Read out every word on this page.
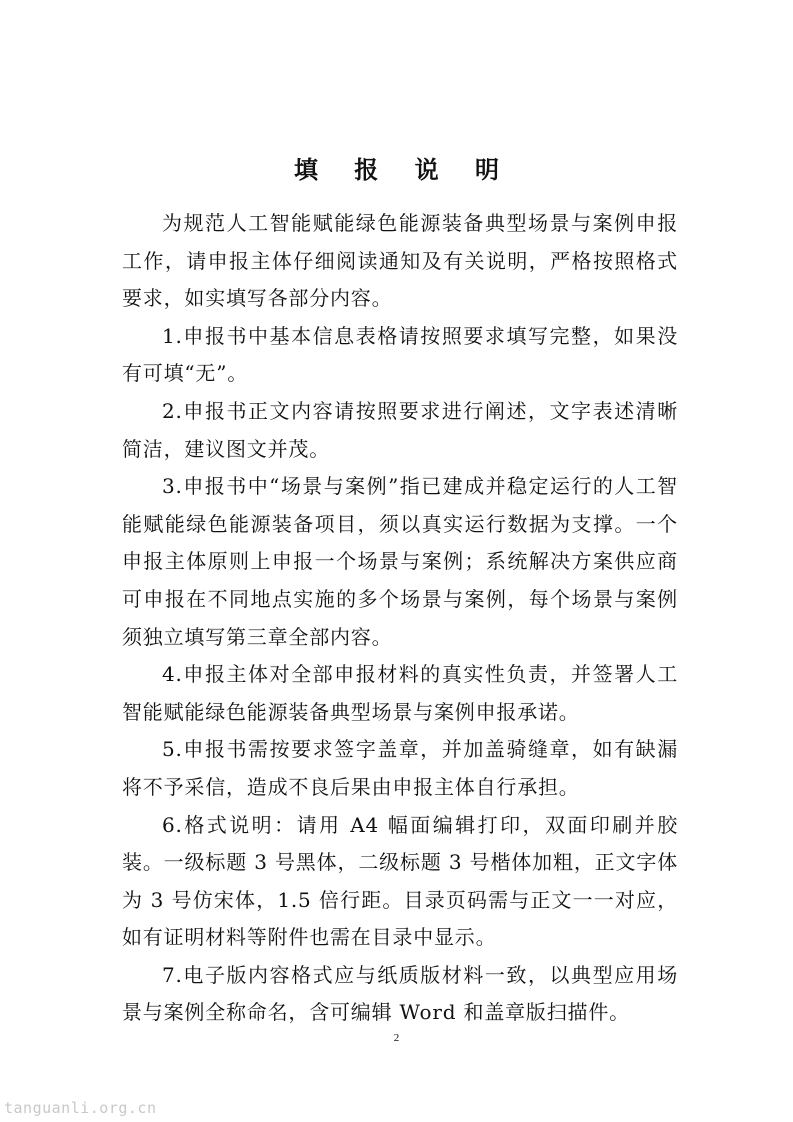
填 报 说 明

为规范人工智能赋能绿色能源装备典型场景与案例申报工作，请申报主体仔细阅读通知及有关说明，严格按照格式要求，如实填写各部分内容。

1.申报书中基本信息表格请按照要求填写完整，如果没有可填“无”。

2.申报书正文内容请按照要求进行阐述，文字表述清晰简洁，建议图文并茂。

3.申报书中“场景与案例”指已建成并稳定运行的人工智能赋能绿色能源装备项目，须以真实运行数据为支撑。一个申报主体原则上申报一个场景与案例；系统解决方案供应商可申报在不同地点实施的多个场景与案例，每个场景与案例须独立填写第三章全部内容。

4.申报主体对全部申报材料的真实性负责，并签署人工智能赋能绿色能源装备典型场景与案例申报承诺。

5.申报书需按要求签字盖章，并加盖骑缝章，如有缺漏将不予采信，造成不良后果由申报主体自行承担。

6.格式说明：请用 A4 幅面编辑打印，双面印刷并胶装。一级标题 3 号黑体，二级标题 3 号楷体加粗，正文字体为 3 号仿宋体，1.5 倍行距。目录页码需与正文一一对应，如有证明材料等附件也需在目录中显示。

7.电子版内容格式应与纸质版材料一致，以典型应用场景与案例全称命名，含可编辑 Word 和盖章版扫描件。

2

tanguanli.org.cn
